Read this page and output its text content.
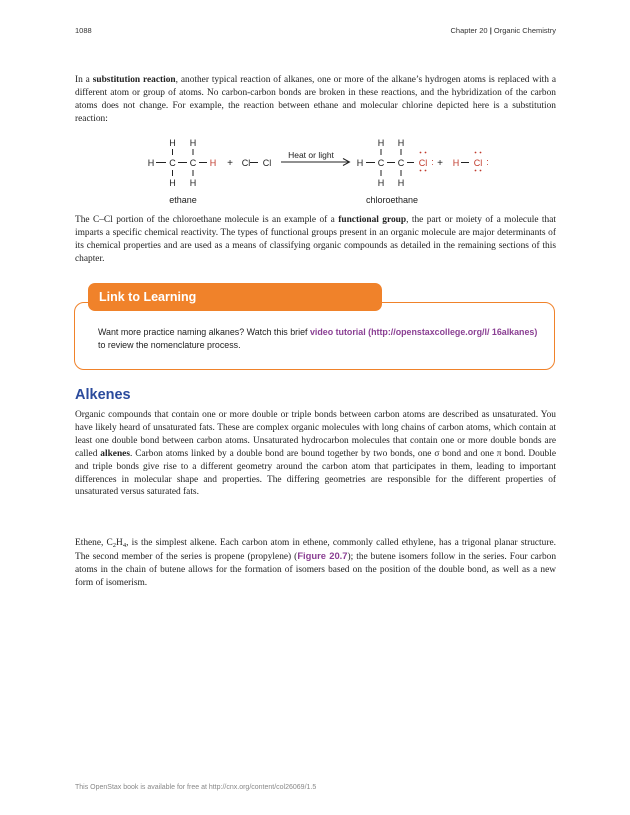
1088	Chapter 20 | Organic Chemistry

In a substitution reaction, another typical reaction of alkanes, one or more of the alkane’s hydrogen atoms is replaced with a different atom or group of atoms. No carbon-carbon bonds are broken in these reactions, and the hybridization of the carbon atoms does not change. For example, the reaction between ethane and molecular chlorine depicted here is a substitution reaction:

H C C H
H H
H H
+ Cl Cl
Heat or light
H C C Cl
H H
H H
: + H Cl :
ethane	chloroethane

The C–Cl portion of the chloroethane molecule is an example of a functional group, the part or moiety of a molecule that imparts a specific chemical reactivity. The types of functional groups present in an organic molecule are major determinants of its chemical properties and are used as a means of classifying organic compounds as detailed in the remaining sections of this chapter.

Link to Learning
Want more practice naming alkanes? Watch this brief video tutorial (http://openstaxcollege.org/l/ 16alkanes) to review the nomenclature process.
Alkenes

Organic compounds that contain one or more double or triple bonds between carbon atoms are described as unsaturated. You have likely heard of unsaturated fats. These are complex organic molecules with long chains of carbon atoms, which contain at least one double bond between carbon atoms. Unsaturated hydrocarbon molecules that contain one or more double bonds are called alkenes. Carbon atoms linked by a double bond are bound together by two bonds, one σ bond and one π bond. Double and triple bonds give rise to a different geometry around the carbon atom that participates in them, leading to important differences in molecular shape and properties. The differing geometries are responsible for the different properties of unsaturated versus saturated fats.

Ethene, $C_2H_4$, is the simplest alkene. Each carbon atom in ethene, commonly called ethylene, has a trigonal planar structure. The second member of the series is propene (propylene) (Figure 20.7); the butene isomers follow in the series. Four carbon atoms in the chain of butene allows for the formation of isomers based on the position of the double bond, as well as a new form of isomerism.

This OpenStax book is available for free at http://cnx.org/content/col26069/1.5
